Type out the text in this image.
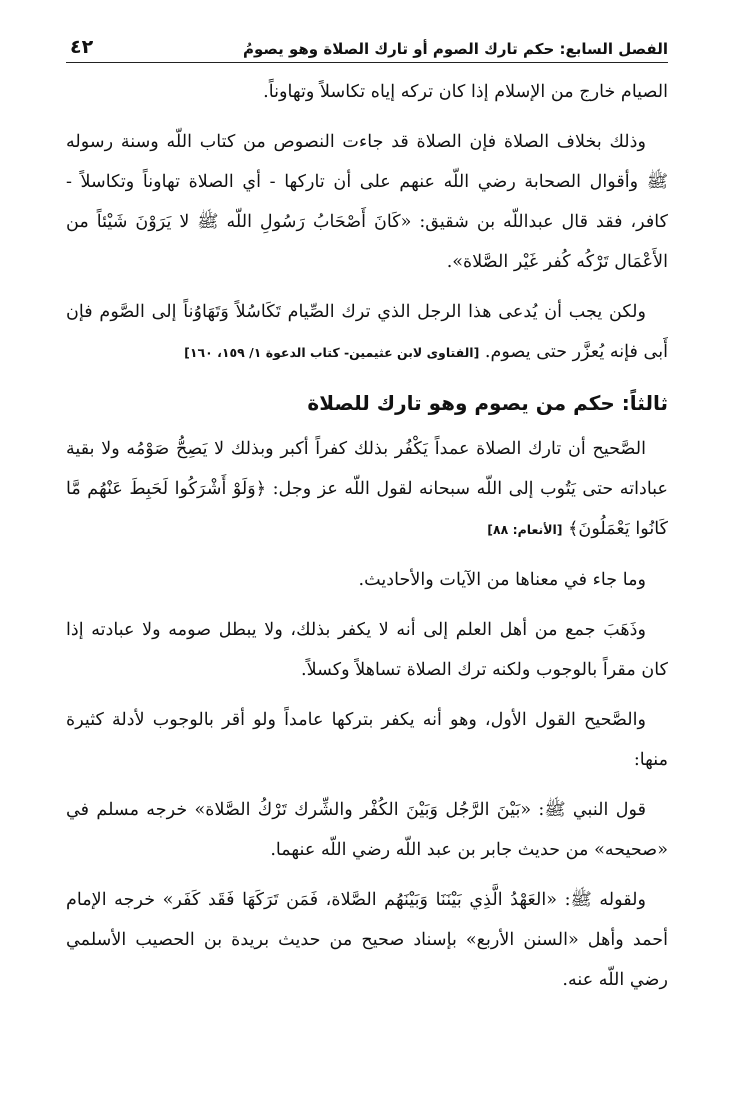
الفصل السابع: حكم تارك الصوم أو تارك الصلاة وهو يصومُ
٤٢

الصيام خارج من الإسلام إذا كان تركه إياه تكاسلاً وتهاوناً.

وذلك بخلاف الصلاة فإن الصلاة قد جاءت النصوص من كتاب اللّه وسنة رسوله ﷺ وأقوال الصحابة رضي اللّه عنهم على أن تاركها - أي الصلاة تهاوناً وتكاسلاً - كافر، فقد قال عبداللّه بن شقيق: «كَانَ أَصْحَابُ رَسُولِ اللّه ﷺ لا يَرَوْنَ شَيْئاً من الأَعْمَال تَرْكُه كُفر غَيْر الصَّلاة».

ولكن يجب أن يُدعى هذا الرجل الذي ترك الصِّيام تَكَاسُلاً وَتَهَاوُناً إلى الصَّوم فإن أَبى فإنه يُعزَّر حتى يصوم. [الفتاوى لابن عثيمين- كتاب الدعوة ١/ ١٥٩، ١٦٠]

ثالثاً: حكم من يصوم وهو تارك للصلاة

الصَّحيح أن تارك الصلاة عمداً يَكْفُر بذلك كفراً أكبر وبذلك لا يَصِحُّ صَوْمُه ولا بقية عباداته حتى يَتُوب إلى اللّه سبحانه لقول اللّه عز وجل: ﴿وَلَوْ أَشْرَكُوا لَحَبِطَ عَنْهُم مَّا كَانُوا يَعْمَلُونَ﴾ [الأنعام: ٨٨]

وما جاء في معناها من الآيات والأحاديث.

وذَهَبَ جمع من أهل العلم إلى أنه لا يكفر بذلك، ولا يبطل صومه ولا عبادته إذا كان مقراً بالوجوب ولكنه ترك الصلاة تساهلاً وكسلاً.

والصَّحيح القول الأول، وهو أنه يكفر بتركها عامداً ولو أقر بالوجوب لأدلة كثيرة منها:

قول النبي ﷺ: «بَيْنَ الرَّجُل وَبَيْنَ الكُفْر والشِّرك تَرْكُ الصَّلاة» خرجه مسلم في «صحيحه» من حديث جابر بن عبد اللّه رضي اللّه عنهما.

ولقوله ﷺ: «العَهْدُ الَّذِي بَيْنَنَا وَبَيْنَهُم الصَّلاة، فَمَن تَرَكَهَا فَقَد كَفَر» خرجه الإمام أحمد وأهل «السنن الأربع» بإسناد صحيح من حديث بريدة بن الحصيب الأسلمي رضي اللّه عنه.
